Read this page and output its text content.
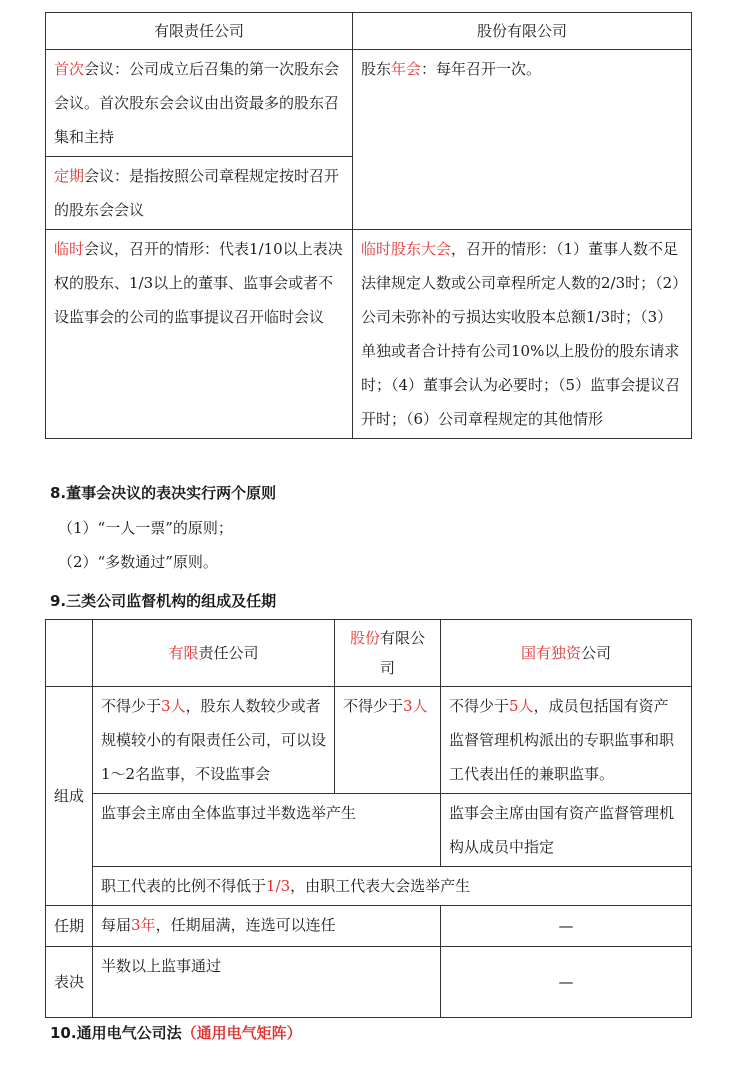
有限责任公司	股份有限公司
首次会议：公司成立后召集的第一次股东会会议。首次股东会会议由出资最多的股东召集和主持	股东年会：每年召开一次。
定期会议：是指按照公司章程规定按时召开的股东会会议	
临时会议，召开的情形：代表1/10以上表决权的股东、1/3以上的董事、监事会或者不设监事会的公司的监事提议召开临时会议	临时股东大会，召开的情形：（1）董事人数不足法律规定人数或公司章程所定人数的2/3时；（2）公司未弥补的亏损达实收股本总额1/3时；（3）单独或者合计持有公司10%以上股份的股东请求时；（4）董事会认为必要时；（5）监事会提议召开时；（6）公司章程规定的其他情形
8.董事会决议的表决实行两个原则
（1）“一人一票”的原则；
（2）“多数通过”原则。
9.三类公司监督机构的组成及任期
	有限责任公司	股份有限公司	国有独资公司
组成	不得少于3人，股东人数较少或者规模较小的有限责任公司，可以设1～2名监事，不设监事会	不得少于3人	不得少于5人，成员包括国有资产监督管理机构派出的专职监事和职工代表出任的兼职监事。
	监事会主席由全体监事过半数选举产生		监事会主席由国有资产监督管理机构从成员中指定
	职工代表的比例不得低于1/3，由职工代表大会选举产生		
任期	每届3年，任期届满，连选可以连任		—
表决	半数以上监事通过		—
10.通用电气公司法（通用电气矩阵）
